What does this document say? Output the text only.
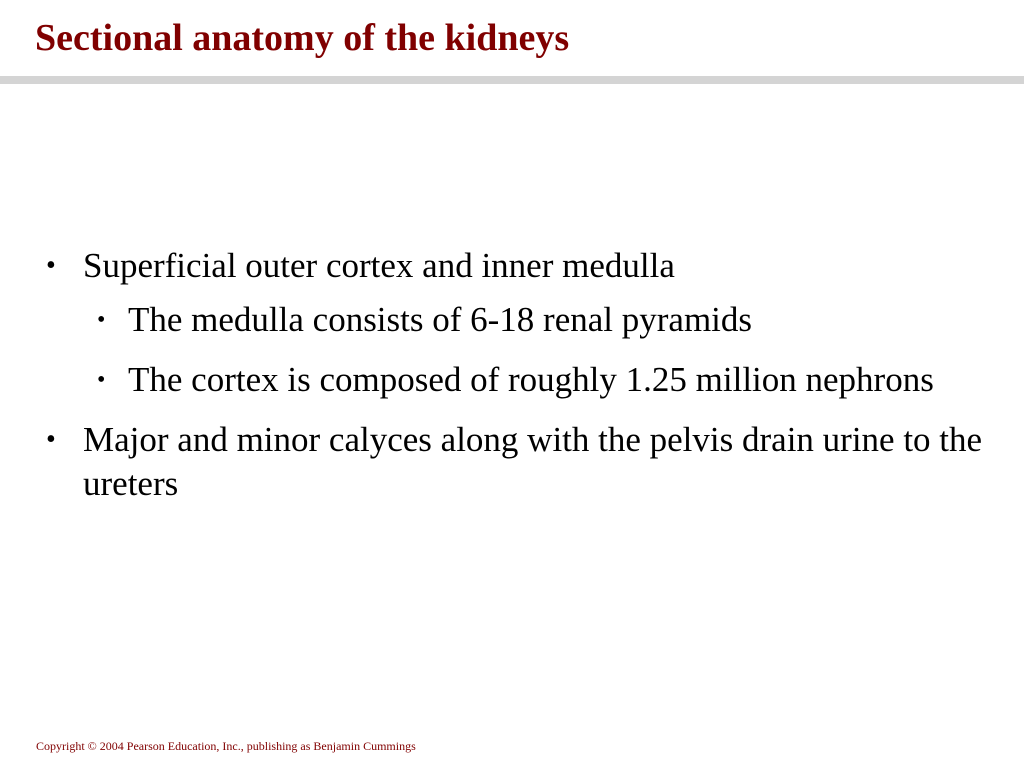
Sectional anatomy of the kidneys
• Superficial outer cortex and inner medulla
• The medulla consists of 6-18 renal pyramids
• The cortex is composed of roughly 1.25 million nephrons
• Major and minor calyces along with the pelvis drain urine to the ureters
Copyright © 2004 Pearson Education, Inc., publishing as Benjamin Cummings
